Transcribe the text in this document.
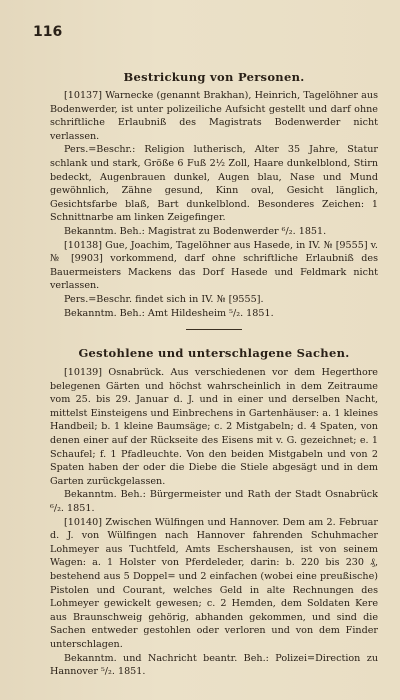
116
Bestrickung von Personen.

[10137] Warnecke (genannt Brakhan), Heinrich, Tagelöhner aus Bodenwerder, ist unter polizeiliche Aufsicht gestellt und darf ohne schriftliche Erlaubniß des Magistrats Bodenwerder nicht verlassen.

Pers.=Beschr.: Religion lutherisch, Alter 35 Jahre, Statur schlank und stark, Größe 6 Fuß 2½ Zoll, Haare dunkelblond, Stirn bedeckt, Augenbrauen dunkel, Augen blau, Nase und Mund gewöhnlich, Zähne gesund, Kinn oval, Gesicht länglich, Gesichtsfarbe blaß, Bart dunkelblond. Besonderes Zeichen: 1 Schnittnarbe am linken Zeigefinger.

Bekanntm. Beh.: Magistrat zu Bodenwerder ⁶/₂. 1851.

[10138] Gue, Joachim, Tagelöhner aus Hasede, in IV. № [9555] v. № [9903] vorkommend, darf ohne schriftliche Erlaubniß des Bauermeisters Mackens das Dorf Hasede und Feldmark nicht verlassen.

Pers.=Beschr. findet sich in IV. № [9555].

Bekanntm. Beh.: Amt Hildesheim ⁵/₂. 1851.

Gestohlene und unterschlagene Sachen.

[10139] Osnabrück. Aus verschiedenen vor dem Hegerthore belegenen Gärten und höchst wahrscheinlich in dem Zeitraume vom 25. bis 29. Januar d. J. und in einer und derselben Nacht, mittelst Einsteigens und Einbrechens in Gartenhäuser: a. 1 kleines Handbeil; b. 1 kleine Baumsäge; c. 2 Mistgabeln; d. 4 Spaten, von denen einer auf der Rückseite des Eisens mit v. G. gezeichnet; e. 1 Schaufel; f. 1 Pfadleuchte. Von den beiden Mistgabeln und von 2 Spaten haben der oder die Diebe die Stiele abgesägt und in dem Garten zurückgelassen.

Bekanntm. Beh.: Bürgermeister und Rath der Stadt Osnabrück ⁶/₂. 1851.

[10140] Zwischen Wülfingen und Hannover. Dem am 2. Februar d. J. von Wülfingen nach Hannover fahrenden Schuhmacher Lohmeyer aus Tuchtfeld, Amts Eschershausen, ist von seinem Wagen: a. 1 Holster von Pferdeleder, darin: b. 220 bis 230 ₰, bestehend aus 5 Doppel= und 2 einfachen (wobei eine preußische) Pistolen und Courant, welches Geld in alte Rechnungen des Lohmeyer gewickelt gewesen; c. 2 Hemden, dem Soldaten Kere aus Braunschweig gehörig, abhanden gekommen, und sind die Sachen entweder gestohlen oder verloren und von dem Finder unterschlagen.

Bekanntm. und Nachricht beantr. Beh.: Polizei=Direction zu Hannover ⁵/₂. 1851.
